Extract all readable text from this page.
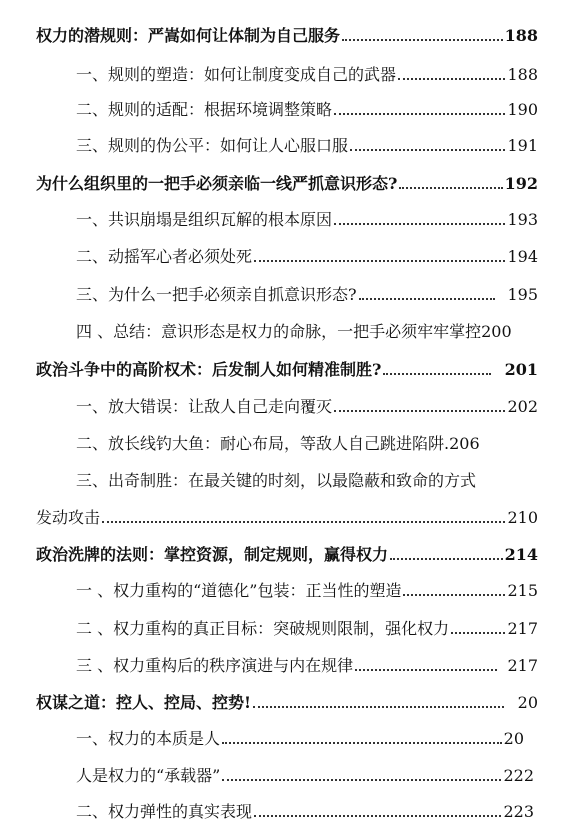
权力的潜规则：严嵩如何让体制为自己服务	188
一、规则的塑造：如何让制度变成自己的武器	188
二、规则的适配：根据环境调整策略	190
三、规则的伪公平：如何让人心服口服	191
为什么组织里的一把手必须亲临一线严抓意识形态?	192
一、共识崩塌是组织瓦解的根本原因	193
二、动摇军心者必须处死	194
三、为什么一把手必须亲自抓意识形态?	195
四 、总结：意识形态是权力的命脉，一把手必须牢牢掌控 200
政治斗争中的高阶权术：后发制人如何精准制胜?	201
一、放大错误：让敌人自己走向覆灭	202
二、放长线钓大鱼：耐心布局，等敌人自己跳进陷阱. 206
三、出奇制胜：在最关键的时刻，以最隐蔽和致命的方式
发动攻击	210
政治洗牌的法则：掌控资源，制定规则，赢得权力	214
一 、权力重构的“道德化”包装：正当性的塑造	215
二 、权力重构的真正目标：突破规则限制，强化权力	217
三 、权力重构后的秩序演进与内在规律	217
权谋之道：控人、控局、控势!	20
一、权力的本质是人	20
人是权力的“承载器”	222
二、权力弹性的真实表现	223
